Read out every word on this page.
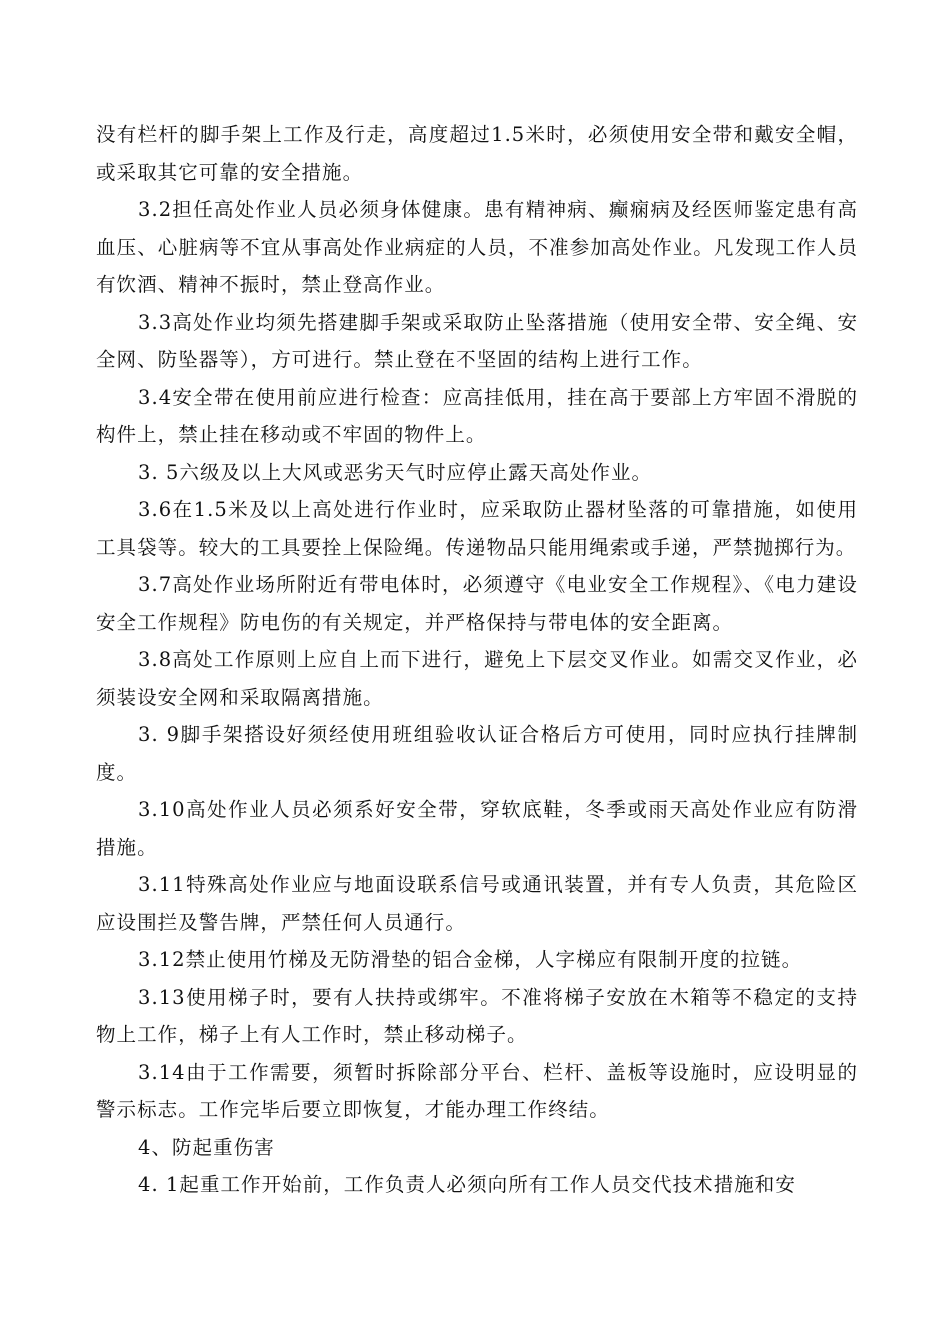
没有栏杆的脚手架上工作及行走，高度超过1.5米时，必须使用安全带和戴安全帽，或采取其它可靠的安全措施。

3.2担任高处作业人员必须身体健康。患有精神病、癫痫病及经医师鉴定患有高血压、心脏病等不宜从事高处作业病症的人员，不准参加高处作业。凡发现工作人员有饮酒、精神不振时，禁止登高作业。

3.3高处作业均须先搭建脚手架或采取防止坠落措施（使用安全带、安全绳、安全网、防坠器等），方可进行。禁止登在不坚固的结构上进行工作。

3.4安全带在使用前应进行检查：应高挂低用，挂在高于要部上方牢固不滑脱的构件上，禁止挂在移动或不牢固的物件上。

3. 5六级及以上大风或恶劣天气时应停止露天高处作业。

3.6在1.5米及以上高处进行作业时，应采取防止器材坠落的可靠措施，如使用工具袋等。较大的工具要拴上保险绳。传递物品只能用绳索或手递，严禁抛掷行为。

3.7高处作业场所附近有带电体时，必须遵守《电业安全工作规程》、《电力建设安全工作规程》防电伤的有关规定，并严格保持与带电体的安全距离。

3.8高处工作原则上应自上而下进行，避免上下层交叉作业。如需交叉作业，必须装设安全网和采取隔离措施。

3. 9脚手架搭设好须经使用班组验收认证合格后方可使用，同时应执行挂牌制度。

3.10高处作业人员必须系好安全带，穿软底鞋，冬季或雨天高处作业应有防滑措施。

3.11特殊高处作业应与地面设联系信号或通讯装置，并有专人负责，其危险区应设围拦及警告牌，严禁任何人员通行。

3.12禁止使用竹梯及无防滑垫的铝合金梯，人字梯应有限制开度的拉链。

3.13使用梯子时，要有人扶持或绑牢。不准将梯子安放在木箱等不稳定的支持物上工作，梯子上有人工作时，禁止移动梯子。

3.14由于工作需要，须暂时拆除部分平台、栏杆、盖板等设施时，应设明显的警示标志。工作完毕后要立即恢复，才能办理工作终结。

4、防起重伤害

4. 1起重工作开始前，工作负责人必须向所有工作人员交代技术措施和安
